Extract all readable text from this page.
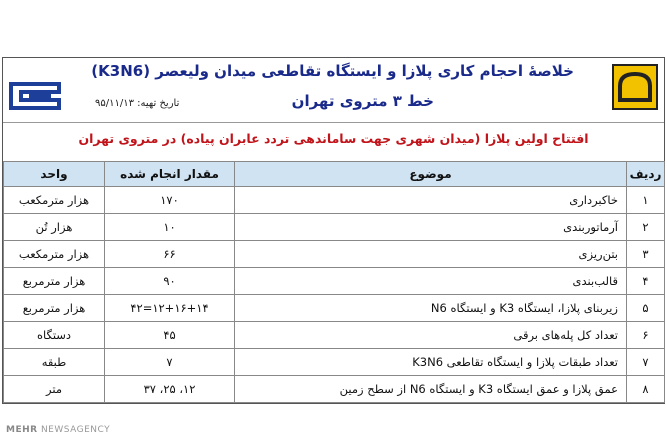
خلاصهٔ احجام کاری پلازا و ایستگاه تقاطعی میدان ولیعصر (K3N6)
خط ۳ متروی تهران
تاریخ تهیه: ۹۵/۱۱/۱۳
افتتاح اولین پلازا (میدان شهری جهت ساماندهی تردد عابران پیاده) در متروی تهران
ردیف	موضوع	مقدار انجام شده	واحد
۱	خاکبرداری	۱۷۰	هزار مترمکعب
۲	آرماتوربندی	۱۰	هزار تُن
۳	بتن‌ریزی	۶۶	هزار مترمکعب
۴	قالب‌بندی	۹۰	هزار مترمربع
۵	زیربنای پلازا، ایستگاه K3 و ایستگاه N6	۱۲+۱۶+۱۴=۴۲	هزار مترمربع
۶	تعداد کل پله‌های برقی	۴۵	دستگاه
۷	تعداد طبقات پلازا و ایستگاه تقاطعی K3N6	۷	طبقه
۸	عمق پلازا و عمق ایستگاه K3 و ایستگاه N6 از سطح زمین	۱۲، ۲۵، ۳۷	متر
MEHR NEWSAGENCY
